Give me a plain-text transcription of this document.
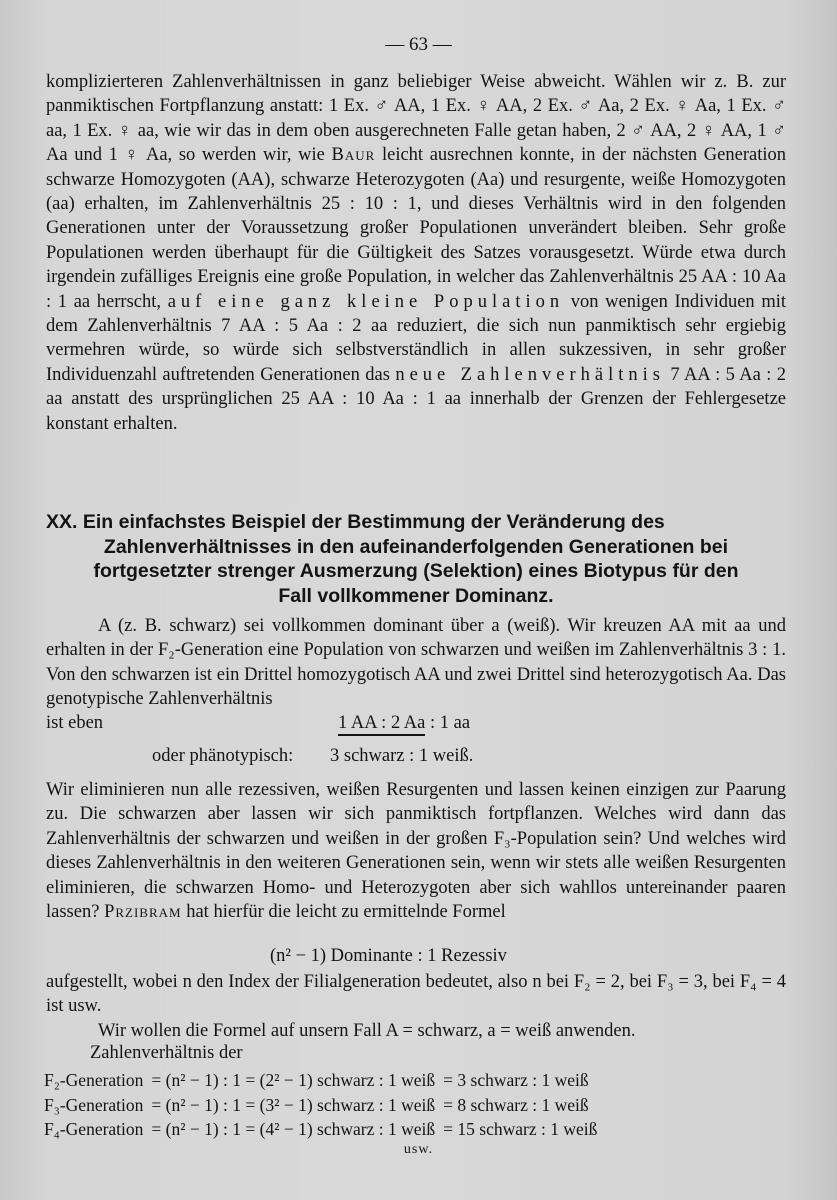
— 63 —

komplizierteren Zahlenverhältnissen in ganz beliebiger Weise abweicht. Wählen wir z. B. zur panmiktischen Fortpflanzung anstatt: 1 Ex. ♂ AA, 1 Ex. ♀ AA, 2 Ex. ♂ Aa, 2 Ex. ♀ Aa, 1 Ex. ♂ aa, 1 Ex. ♀ aa, wie wir das in dem oben ausgerechneten Falle getan haben, 2 ♂ AA, 2 ♀ AA, 1 ♂ Aa und 1 ♀ Aa, so werden wir, wie Baur leicht ausrechnen konnte, in der nächsten Generation schwarze Homozygoten (AA), schwarze Heterozygoten (Aa) und resurgente, weiße Homozygoten (aa) erhalten, im Zahlenverhältnis 25 : 10 : 1, und dieses Verhältnis wird in den folgenden Generationen unter der Voraussetzung großer Populationen unverändert bleiben. Sehr große Populationen werden überhaupt für die Gültigkeit des Satzes vorausgesetzt. Würde etwa durch irgendein zufälliges Ereignis eine große Population, in welcher das Zahlenverhältnis 25 AA : 10 Aa : 1 aa herrscht, auf eine ganz kleine Population von wenigen Individuen mit dem Zahlenverhältnis 7 AA : 5 Aa : 2 aa reduziert, die sich nun panmiktisch sehr ergiebig vermehren würde, so würde sich selbstverständlich in allen sukzessiven, in sehr großer Individuenzahl auftretenden Generationen das neue Zahlenverhältnis 7 AA : 5 Aa : 2 aa anstatt des ursprünglichen 25 AA : 10 Aa : 1 aa innerhalb der Grenzen der Fehlergesetze konstant erhalten.

XX. Ein einfachstes Beispiel der Bestimmung der Veränderung des
Zahlenverhältnisses in den aufeinanderfolgenden Generationen bei
fortgesetzter strenger Ausmerzung (Selektion) eines Biotypus für den
Fall vollkommener Dominanz.
A (z. B. schwarz) sei vollkommen dominant über a (weiß). Wir kreuzen AA mit aa und erhalten in der F₂-Generation eine Population von schwarzen und weißen im Zahlenverhältnis 3 : 1. Von den schwarzen ist ein Drittel homozygotisch AA und zwei Drittel sind heterozygotisch Aa. Das genotypische Zahlenverhältnis
ist eben	1 AA : 2 Aa : 1 aa
oder phänotypisch: 3 schwarz : 1 weiß.
Wir eliminieren nun alle rezessiven, weißen Resurgenten und lassen keinen einzigen zur Paarung zu. Die schwarzen aber lassen wir sich panmiktisch fortpflanzen. Welches wird dann das Zahlenverhältnis der schwarzen und weißen in der großen F₃-Population sein? Und welches wird dieses Zahlenverhältnis in den weiteren Generationen sein, wenn wir stets alle weißen Resurgenten eliminieren, die schwarzen Homo- und Heterozygoten aber sich wahllos untereinander paaren lassen? Przibram hat hierfür die leicht zu ermittelnde Formel
(n² − 1) Dominante : 1 Rezessiv
aufgestellt, wobei n den Index der Filialgeneration bedeutet, also n bei F₂ = 2, bei F₃ = 3, bei F₄ = 4 ist usw.
Wir wollen die Formel auf unsern Fall A = schwarz, a = weiß anwenden.
Zahlenverhältnis der
F₂-Generation	= (n² − 1) : 1 = (2² − 1) schwarz : 1 weiß	= 3 schwarz : 1 weiß
F₃-Generation	= (n² − 1) : 1 = (3² − 1) schwarz : 1 weiß	= 8 schwarz : 1 weiß
F₄-Generation	= (n² − 1) : 1 = (4² − 1) schwarz : 1 weiß	= 15 schwarz : 1 weiß
usw.
